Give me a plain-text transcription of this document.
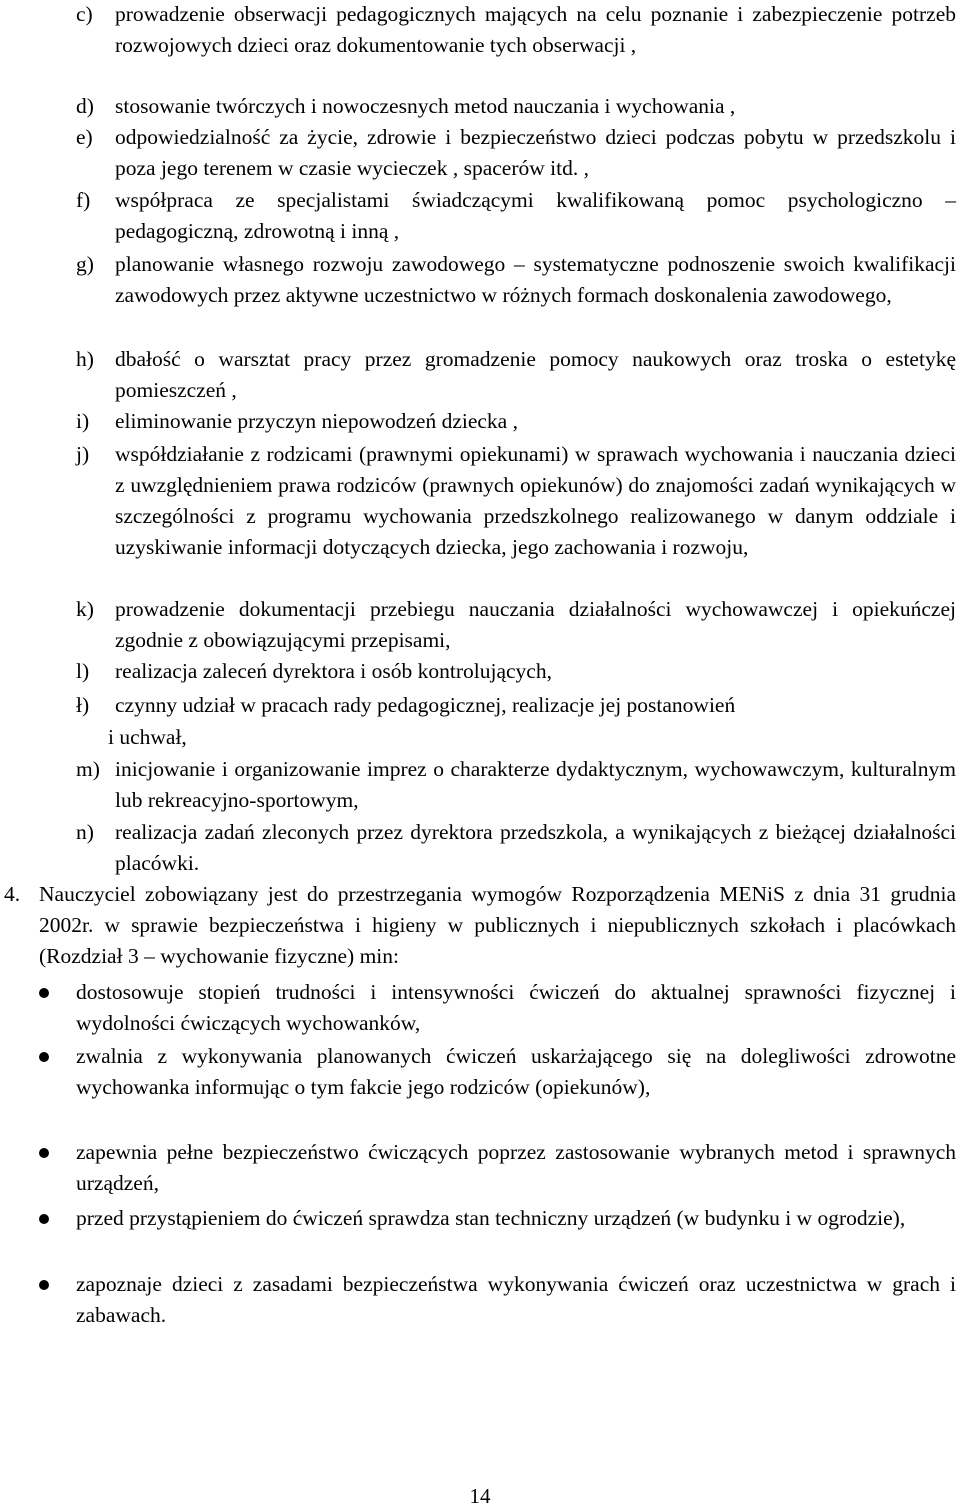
c) prowadzenie obserwacji pedagogicznych mających na celu poznanie i zabezpieczenie potrzeb rozwojowych dzieci oraz dokumentowanie tych obserwacji ,
d) stosowanie twórczych i nowoczesnych metod nauczania i wychowania ,
e) odpowiedzialność za życie, zdrowie i bezpieczeństwo dzieci podczas pobytu w przedszkolu i poza jego terenem w czasie wycieczek , spacerów itd. ,
f) współpraca ze specjalistami świadczącymi kwalifikowaną pomoc psychologiczno – pedagogiczną, zdrowotną i inną ,
g) planowanie własnego rozwoju zawodowego – systematyczne podnoszenie swoich kwalifikacji zawodowych przez aktywne uczestnictwo w różnych formach doskonalenia zawodowego,
h) dbałość o warsztat pracy przez gromadzenie pomocy naukowych oraz troska o estetykę pomieszczeń ,
i) eliminowanie przyczyn niepowodzeń dziecka ,
j) współdziałanie z rodzicami (prawnymi opiekunami) w sprawach wychowania i nauczania dzieci z uwzględnieniem prawa rodziców (prawnych opiekunów) do znajomości zadań wynikających w szczególności z programu wychowania przedszkolnego realizowanego w danym oddziale i uzyskiwanie informacji dotyczących dziecka, jego zachowania i rozwoju,
k) prowadzenie dokumentacji przebiegu nauczania działalności wychowawczej i opiekuńczej zgodnie z obowiązującymi przepisami,
l) realizacja zaleceń dyrektora i osób kontrolujących,
ł) czynny udział w pracach rady pedagogicznej, realizacje jej postanowień
i uchwał,
m) inicjowanie i organizowanie imprez o charakterze dydaktycznym, wychowawczym, kulturalnym lub rekreacyjno-sportowym,
n) realizacja zadań zleconych przez dyrektora przedszkola, a wynikających z bieżącej działalności placówki.
4. Nauczyciel zobowiązany jest do przestrzegania wymogów Rozporządzenia MENiS z dnia 31 grudnia 2002r. w sprawie bezpieczeństwa i higieny w publicznych i niepublicznych szkołach i placówkach (Rozdział 3 – wychowanie fizyczne) min:
dostosowuje stopień trudności i intensywności ćwiczeń do aktualnej sprawności fizycznej i wydolności ćwiczących wychowanków,
zwalnia z wykonywania planowanych ćwiczeń uskarżającego się na dolegliwości zdrowotne wychowanka informując o tym fakcie jego rodziców (opiekunów),
zapewnia pełne bezpieczeństwo ćwiczących poprzez zastosowanie wybranych metod i sprawnych urządzeń,
przed przystąpieniem do ćwiczeń sprawdza stan techniczny urządzeń (w budynku i w ogrodzie),
zapoznaje dzieci z zasadami bezpieczeństwa wykonywania ćwiczeń oraz uczestnictwa w grach i zabawach.
14
